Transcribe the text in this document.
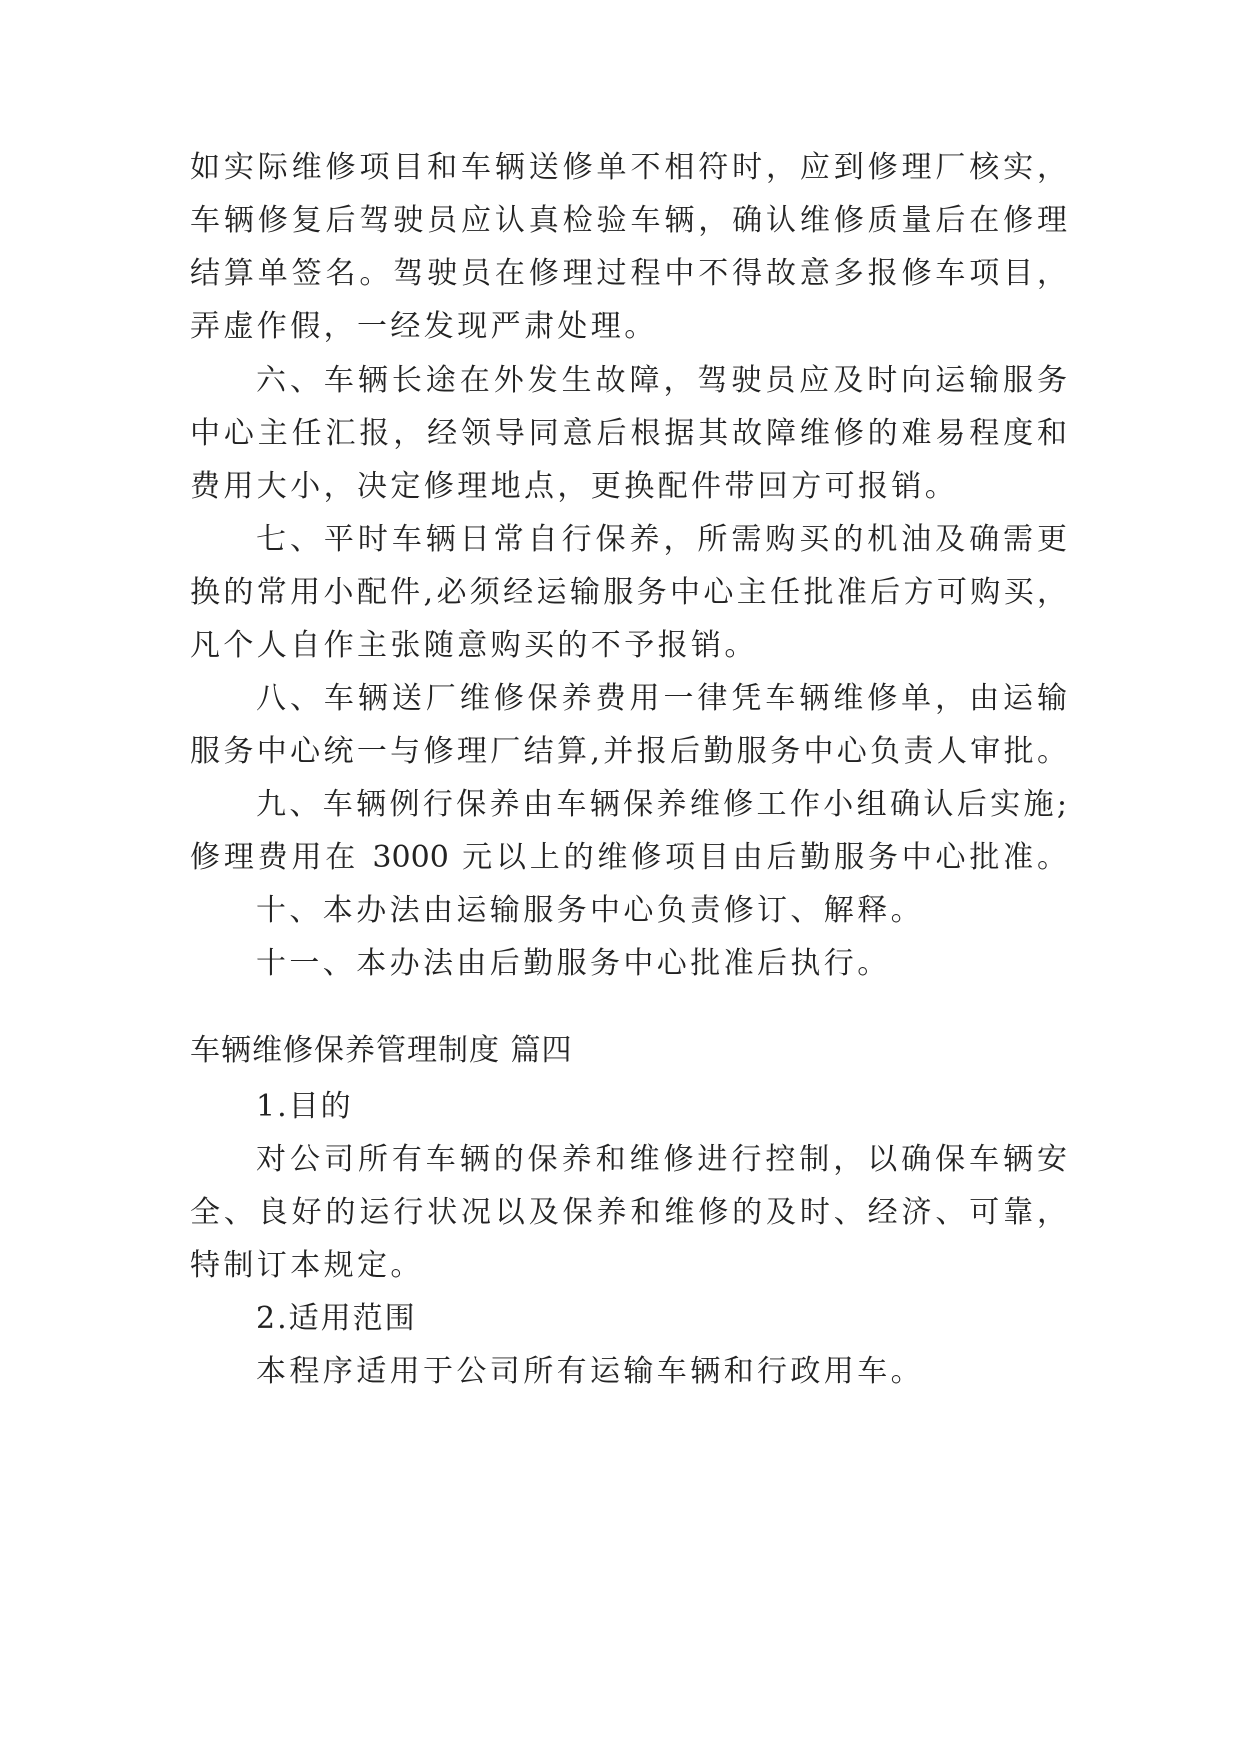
如实际维修项目和车辆送修单不相符时，应到修理厂核实，
车辆修复后驾驶员应认真检验车辆，确认维修质量后在修理
结算单签名。驾驶员在修理过程中不得故意多报修车项目，
弄虚作假，一经发现严肃处理。
六、车辆长途在外发生故障，驾驶员应及时向运输服务
中心主任汇报，经领导同意后根据其故障维修的难易程度和
费用大小，决定修理地点，更换配件带回方可报销。
七、平时车辆日常自行保养，所需购买的机油及确需更
换的常用小配件,必须经运输服务中心主任批准后方可购买，
凡个人自作主张随意购买的不予报销。
八、车辆送厂维修保养费用一律凭车辆维修单，由运输
服务中心统一与修理厂结算,并报后勤服务中心负责人审批。
九、车辆例行保养由车辆保养维修工作小组确认后实施;
修理费用在 3000 元以上的维修项目由后勤服务中心批准。
十、本办法由运输服务中心负责修订、解释。
十一、本办法由后勤服务中心批准后执行。
车辆维修保养管理制度 篇四
1.目的
对公司所有车辆的保养和维修进行控制，以确保车辆安
全、良好的运行状况以及保养和维修的及时、经济、可靠，
特制订本规定。
2.适用范围
本程序适用于公司所有运输车辆和行政用车。
